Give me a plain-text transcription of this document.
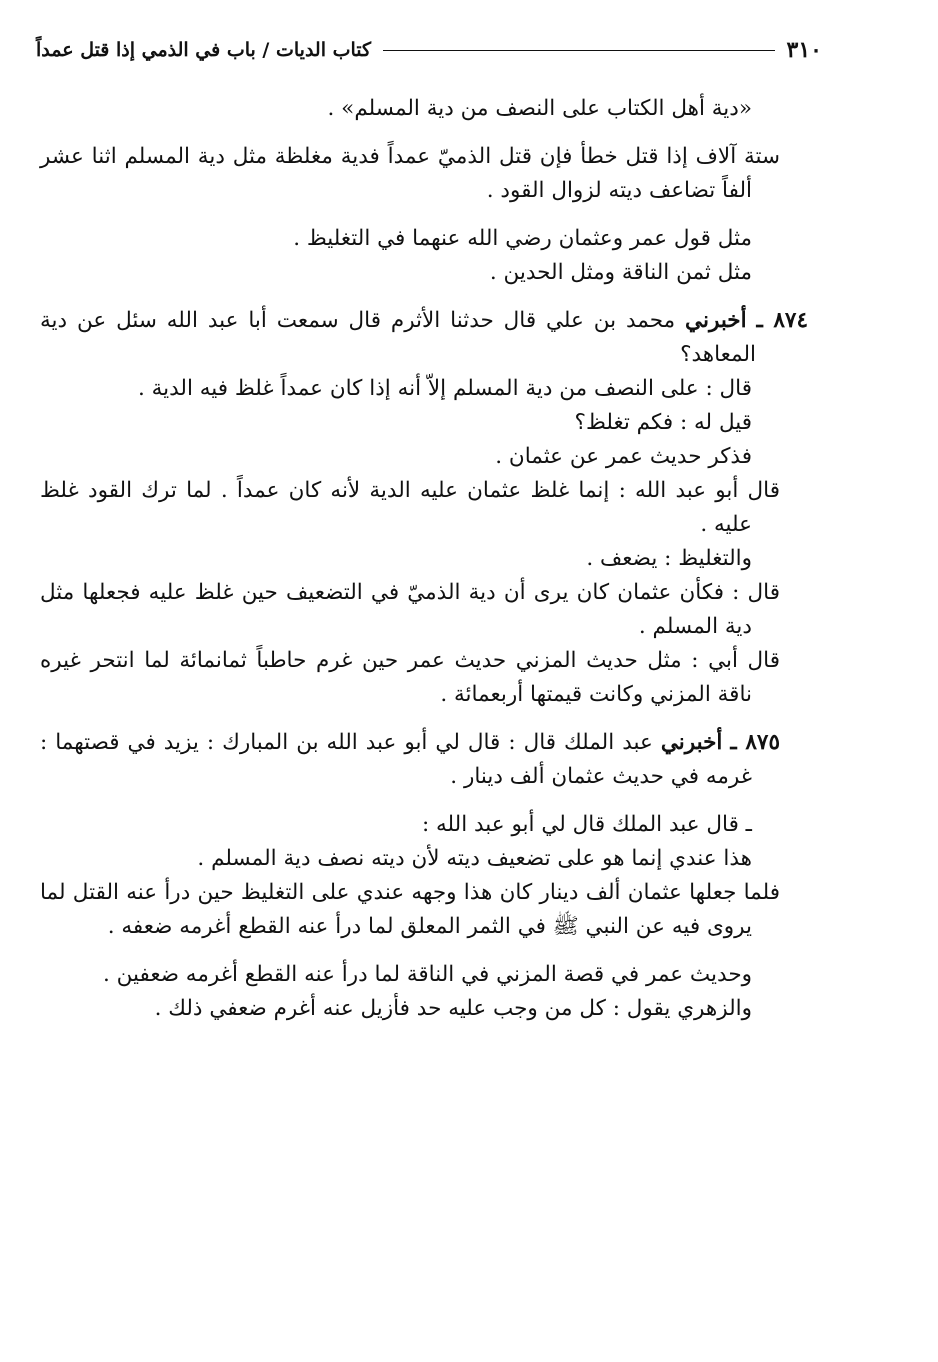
٣١٠
كتاب الديات / باب في الذمي إذا قتل عمداً

«دية أهل الكتاب على النصف من دية المسلم» .

ستة آلاف إذا قتل خطأ فإن قتل الذميّ عمداً فدية مغلظة مثل دية المسلم اثنا عشر ألفاً تضاعف ديته لزوال القود .

مثل قول عمر وعثمان رضي الله عنهما في التغليظ .

مثل ثمن الناقة ومثل الحدين .

٨٧٤ ـ أخبرني محمد بن علي قال حدثنا الأثرم قال سمعت أبا عبد الله سئل عن دية المعاهد؟

قال : على النصف من دية المسلم إلاّ أنه إذا كان عمداً غلظ فيه الدية .

قيل له : فكم تغلظ؟

فذكر حديث عمر عن عثمان .

قال أبو عبد الله : إنما غلظ عثمان عليه الدية لأنه كان عمداً . لما ترك القود غلظ عليه .

والتغليظ : يضعف .

قال : فكأن عثمان كان يرى أن دية الذميّ في التضعيف حين غلظ عليه فجعلها مثل دية المسلم .

قال أبي : مثل حديث المزني حديث عمر حين غرم حاطباً ثمانمائة لما انتحر غيره ناقة المزني وكانت قيمتها أربعمائة .

٨٧٥ ـ أخبرني عبد الملك قال : قال لي أبو عبد الله بن المبارك : يزيد في قصتهما : غرمه في حديث عثمان ألف دينار .

ـ قال عبد الملك قال لي أبو عبد الله :

هذا عندي إنما هو على تضعيف ديته لأن ديته نصف دية المسلم .

فلما جعلها عثمان ألف دينار كان هذا وجهه عندي على التغليظ حين درأ عنه القتل لما يروى فيه عن النبي ﷺ في الثمر المعلق لما درأ عنه القطع أغرمه ضعفه .

وحديث عمر في قصة المزني في الناقة لما درأ عنه القطع أغرمه ضعفين .

والزهري يقول : كل من وجب عليه حد فأزيل عنه أغرم ضعفي ذلك .
